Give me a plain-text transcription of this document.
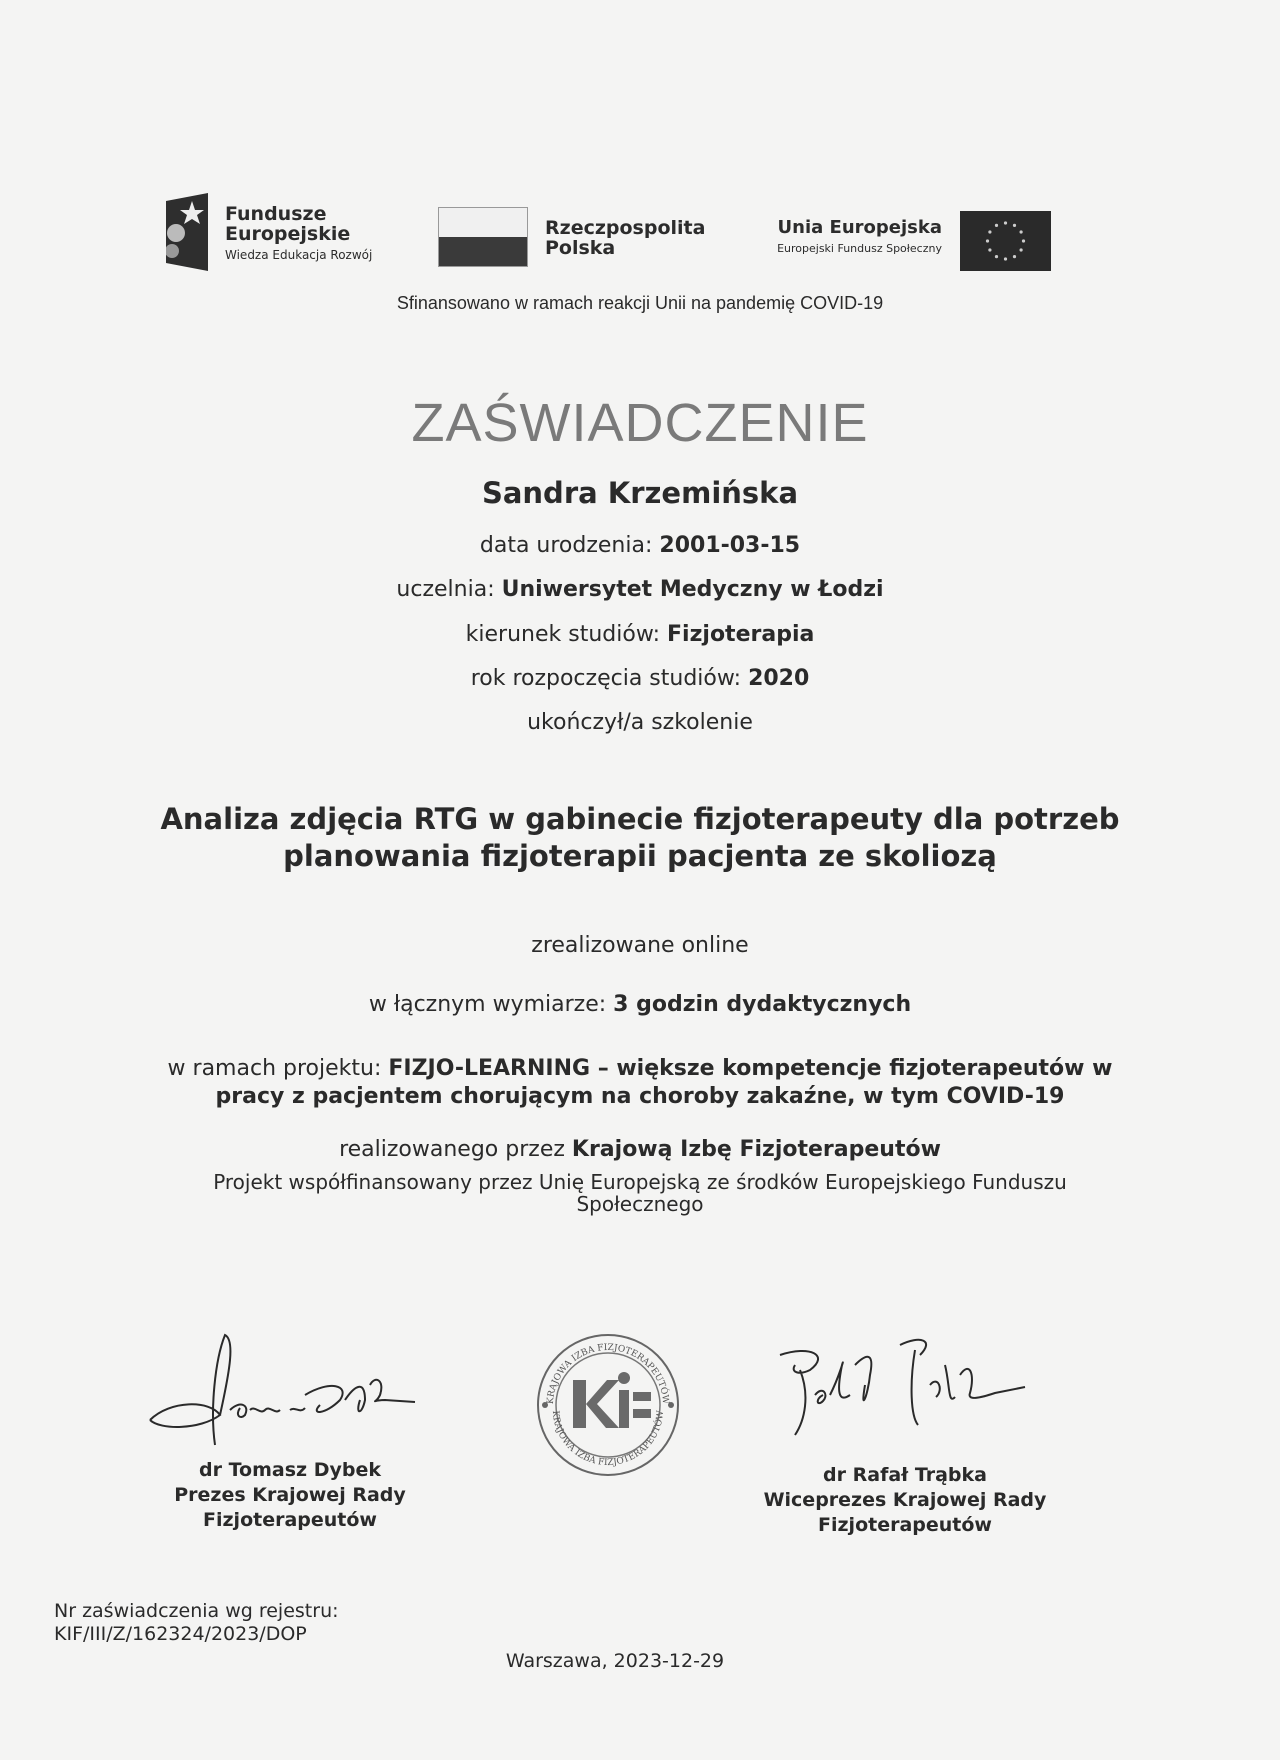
Fundusze
Europejskie
Wiedza Edukacja Rozwój
Rzeczpospolita
Polska
Unia Europejska
Europejski Fundusz Społeczny
Sfinansowano w ramach reakcji Unii na pandemię COVID-19
ZAŚWIADCZENIE
Sandra Krzemińska
data urodzenia: 2001-03-15
uczelnia: Uniwersytet Medyczny w Łodzi
kierunek studiów: Fizjoterapia
rok rozpoczęcia studiów: 2020
ukończył/a szkolenie
Analiza zdjęcia RTG w gabinecie fizjoterapeuty dla potrzeb
planowania fizjoterapii pacjenta ze skoliozą
zrealizowane online
w łącznym wymiarze: 3 godzin dydaktycznych
w ramach projektu: FIZJO-LEARNING – większe kompetencje fizjoterapeutów w
pracy z pacjentem chorującym na choroby zakaźne, w tym COVID-19
realizowanego przez Krajową Izbę Fizjoterapeutów
Projekt współfinansowany przez Unię Europejską ze środków Europejskiego Funduszu
Społecznego
KRAJOWA IZBA FIZJOTERAPEUTÓW
KRAJOWA IZBA FIZJOTERAPEUTÓW
dr Tomasz Dybek
Prezes Krajowej Rady
Fizjoterapeutów
dr Rafał Trąbka
Wiceprezes Krajowej Rady
Fizjoterapeutów
Nr zaświadczenia wg rejestru:
KIF/III/Z/162324/2023/DOP
Warszawa, 2023-12-29
